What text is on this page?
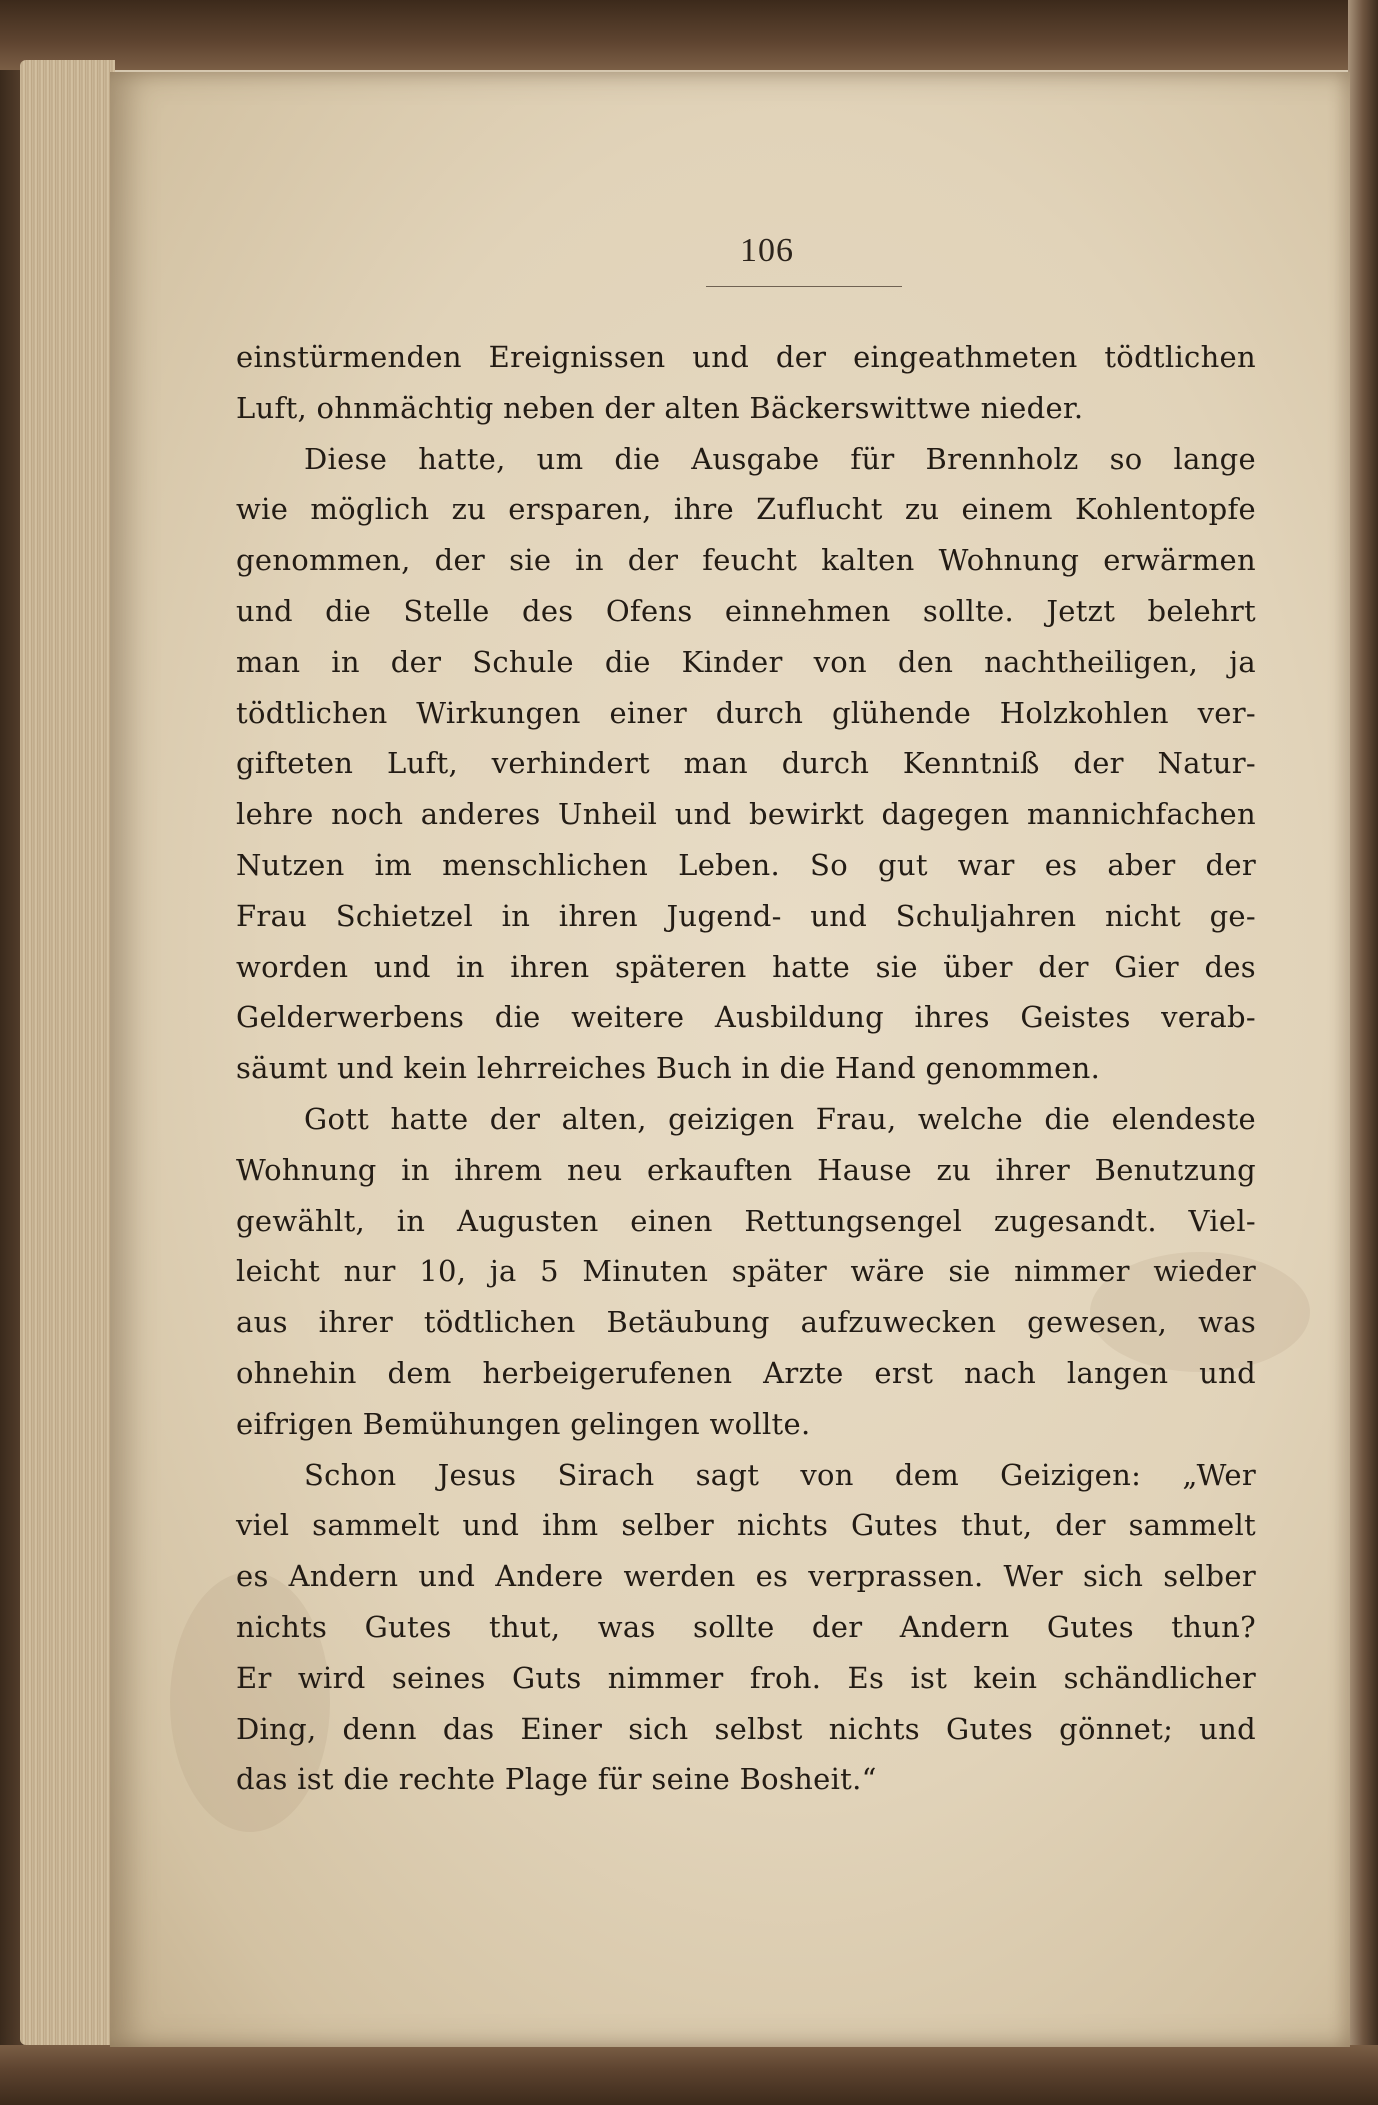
106
einstürmenden Ereignissen und der eingeathmeten tödtlichen
Luft, ohnmächtig neben der alten Bäckerswittwe nieder.
Diese hatte, um die Ausgabe für Brennholz so lange
wie möglich zu ersparen, ihre Zuflucht zu einem Kohlentopfe
genommen, der sie in der feucht kalten Wohnung erwärmen
und die Stelle des Ofens einnehmen sollte. Jetzt belehrt
man in der Schule die Kinder von den nachtheiligen, ja
tödtlichen Wirkungen einer durch glühende Holzkohlen ver-
gifteten Luft, verhindert man durch Kenntniß der Natur-
lehre noch anderes Unheil und bewirkt dagegen mannichfachen
Nutzen im menschlichen Leben. So gut war es aber der
Frau Schietzel in ihren Jugend- und Schuljahren nicht ge-
worden und in ihren späteren hatte sie über der Gier des
Gelderwerbens die weitere Ausbildung ihres Geistes verab-
säumt und kein lehrreiches Buch in die Hand genommen.
Gott hatte der alten, geizigen Frau, welche die elendeste
Wohnung in ihrem neu erkauften Hause zu ihrer Benutzung
gewählt, in Augusten einen Rettungsengel zugesandt. Viel-
leicht nur 10, ja 5 Minuten später wäre sie nimmer wieder
aus ihrer tödtlichen Betäubung aufzuwecken gewesen, was
ohnehin dem herbeigerufenen Arzte erst nach langen und
eifrigen Bemühungen gelingen wollte.
Schon Jesus Sirach sagt von dem Geizigen: „Wer
viel sammelt und ihm selber nichts Gutes thut, der sammelt
es Andern und Andere werden es verprassen. Wer sich selber
nichts Gutes thut, was sollte der Andern Gutes thun?
Er wird seines Guts nimmer froh. Es ist kein schändlicher
Ding, denn das Einer sich selbst nichts Gutes gönnet; und
das ist die rechte Plage für seine Bosheit.“
